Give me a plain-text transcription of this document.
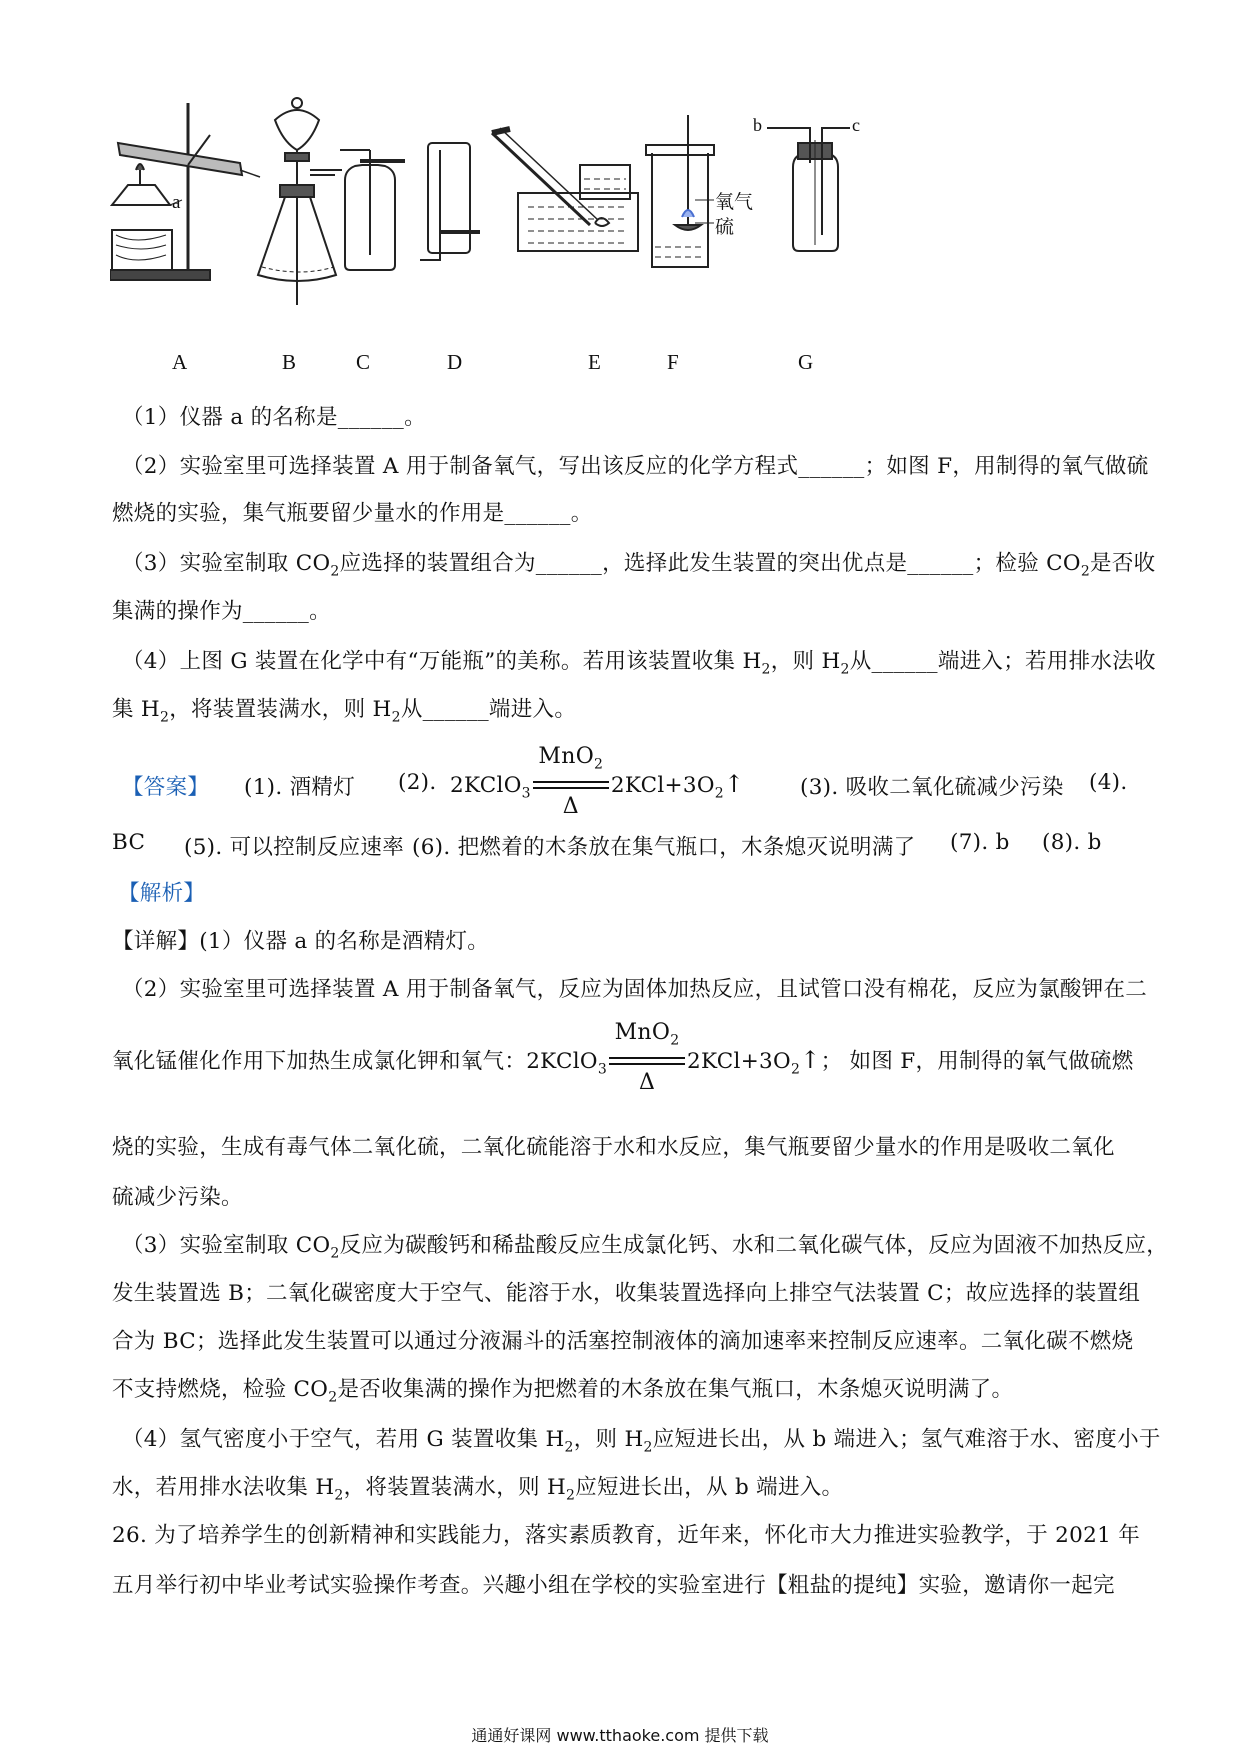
a	氧气
硫
b	c
A	B	C	D	E	F	G
（1）仪器 a 的名称是______。
（2）实验室里可选择装置 A 用于制备氧气，写出该反应的化学方程式______；如图 F，用制得的氧气做硫
燃烧的实验，集气瓶要留少量水的作用是______。
（3）实验室制取 $CO_2$应选择的装置组合为______，选择此发生装置的突出优点是______；检验 $CO_2$是否收
集满的操作为______。
（4）上图 G 装置在化学中有“万能瓶”的美称。若用该装置收集 $H_2$，则 $H_2$从______端进入；若用排水法收
集 $H_2$，将装置装满水，则 $H_2$从______端进入。
【答案】 (1). 酒精灯 (2). 2KClO$_3$
MnO$_2$
Δ
$2KCl+3O_2↑$	(3). 吸收二氧化硫减少污染 (4).
BC (5). 可以控制反应速率 (6). 把燃着的木条放在集气瓶口，木条熄灭说明满了 (7). b (8). b
【解析】
【详解】(1）仪器 a 的名称是酒精灯。
（2）实验室里可选择装置 A 用于制备氧气，反应为固体加热反应，且试管口没有棉花，反应为氯酸钾在二
氧化锰催化作用下加热生成氯化钾和氧气：2KClO$_3$
MnO$_2$
Δ
$2KCl+3O_2↑$； 如图 F，用制得的氧气做硫燃
烧的实验，生成有毒气体二氧化硫，二氧化硫能溶于水和水反应，集气瓶要留少量水的作用是吸收二氧化
硫减少污染。
（3）实验室制取 $CO_2$反应为碳酸钙和稀盐酸反应生成氯化钙、水和二氧化碳气体，反应为固液不加热反应，
发生装置选 B；二氧化碳密度大于空气、能溶于水，收集装置选择向上排空气法装置 C；故应选择的装置组
合为 BC；选择此发生装置可以通过分液漏斗的活塞控制液体的滴加速率来控制反应速率。二氧化碳不燃烧
不支持燃烧，检验 $CO_2$是否收集满的操作为把燃着的木条放在集气瓶口，木条熄灭说明满了。
（4）氢气密度小于空气，若用 G 装置收集 $H_2$，则 $H_2$应短进长出，从 b 端进入；氢气难溶于水、密度小于
水，若用排水法收集 $H_2$，将装置装满水，则 $H_2$应短进长出，从 b 端进入。
26. 为了培养学生的创新精神和实践能力，落实素质教育，近年来，怀化市大力推进实验教学，于 2021 年
五月举行初中毕业考试实验操作考查。兴趣小组在学校的实验室进行【粗盐的提纯】实验，邀请你一起完
通通好课网 www.tthaoke.com 提供下载
